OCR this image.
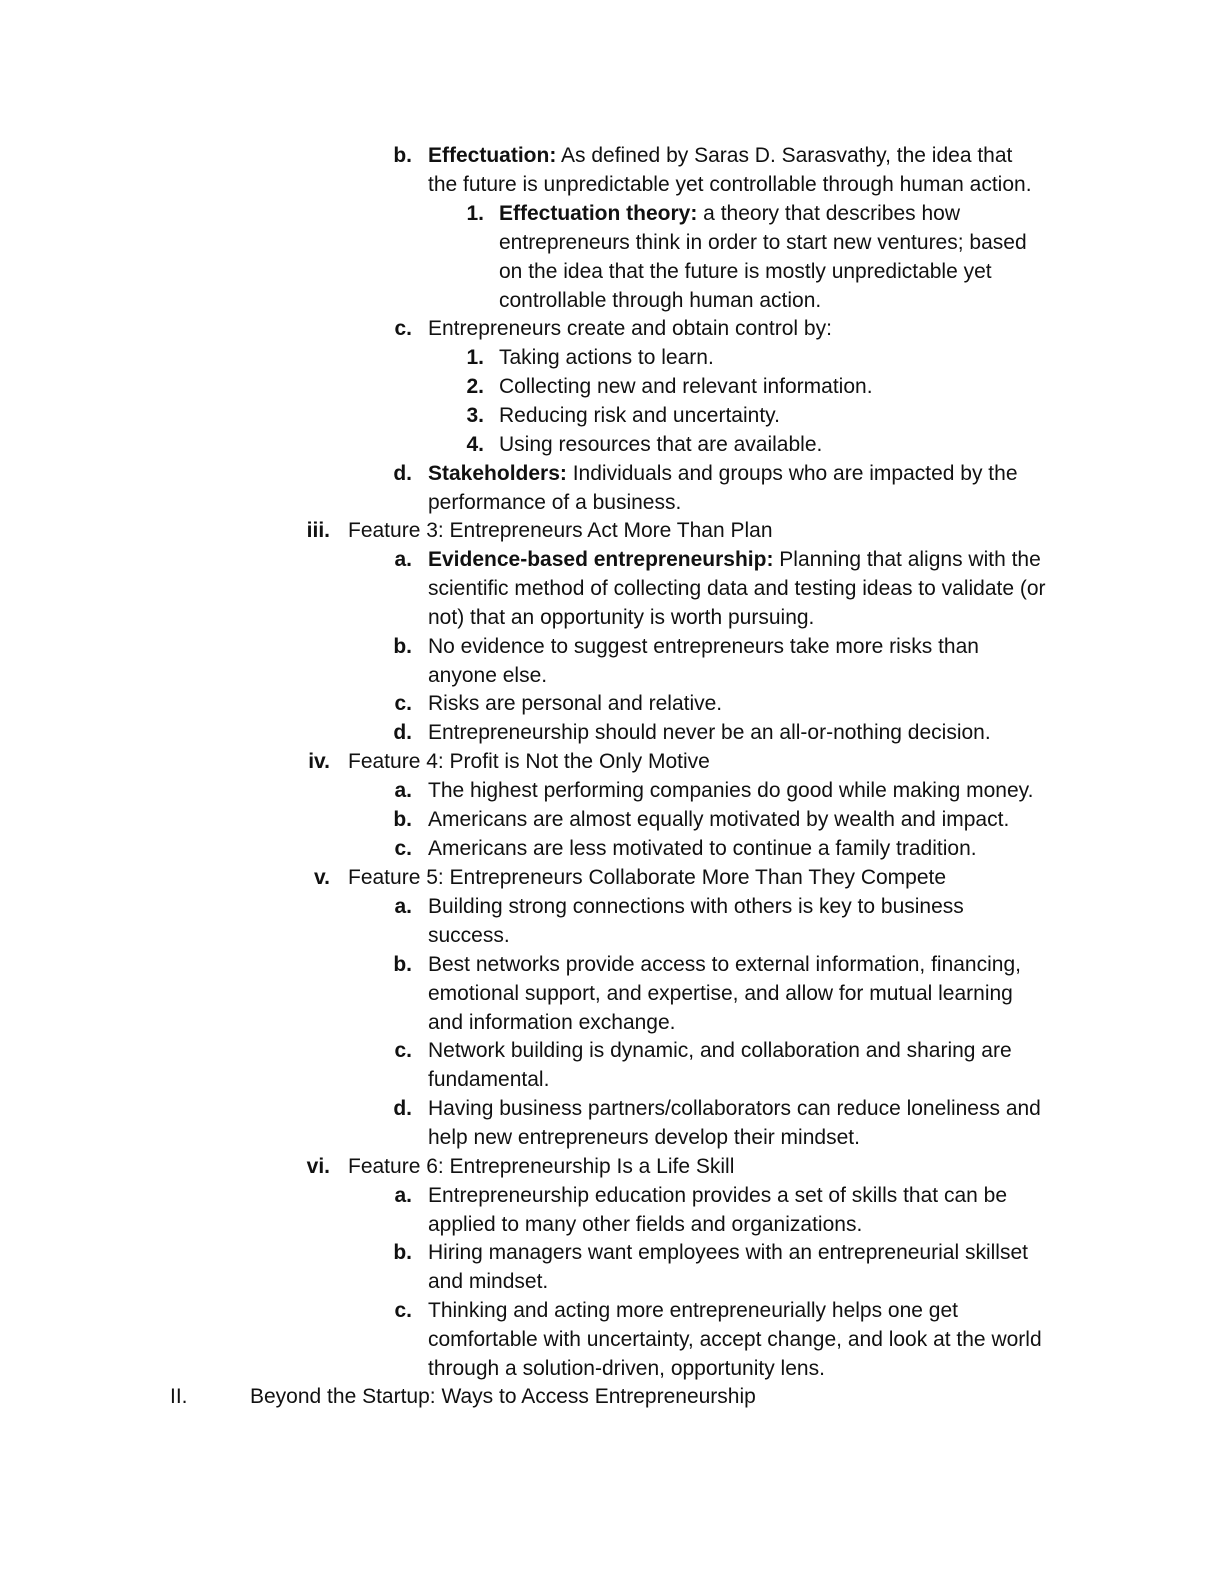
b. Effectuation: As defined by Saras D. Sarasvathy, the idea that
the future is unpredictable yet controllable through human action.
1. Effectuation theory: a theory that describes how
entrepreneurs think in order to start new ventures; based
on the idea that the future is mostly unpredictable yet
controllable through human action.
c. Entrepreneurs create and obtain control by:
1. Taking actions to learn.
2. Collecting new and relevant information.
3. Reducing risk and uncertainty.
4. Using resources that are available.
d. Stakeholders: Individuals and groups who are impacted by the
performance of a business.
iii. Feature 3: Entrepreneurs Act More Than Plan
a. Evidence-based entrepreneurship: Planning that aligns with the
scientific method of collecting data and testing ideas to validate (or
not) that an opportunity is worth pursuing.
b. No evidence to suggest entrepreneurs take more risks than
anyone else.
c. Risks are personal and relative.
d. Entrepreneurship should never be an all-or-nothing decision.
iv. Feature 4: Profit is Not the Only Motive
a. The highest performing companies do good while making money.
b. Americans are almost equally motivated by wealth and impact.
c. Americans are less motivated to continue a family tradition.
v. Feature 5: Entrepreneurs Collaborate More Than They Compete
a. Building strong connections with others is key to business
success.
b. Best networks provide access to external information, financing,
emotional support, and expertise, and allow for mutual learning
and information exchange.
c. Network building is dynamic, and collaboration and sharing are
fundamental.
d. Having business partners/collaborators can reduce loneliness and
help new entrepreneurs develop their mindset.
vi. Feature 6: Entrepreneurship Is a Life Skill
a. Entrepreneurship education provides a set of skills that can be
applied to many other fields and organizations.
b. Hiring managers want employees with an entrepreneurial skillset
and mindset.
c. Thinking and acting more entrepreneurially helps one get
comfortable with uncertainty, accept change, and look at the world
through a solution-driven, opportunity lens.
II.	Beyond the Startup: Ways to Access Entrepreneurship
